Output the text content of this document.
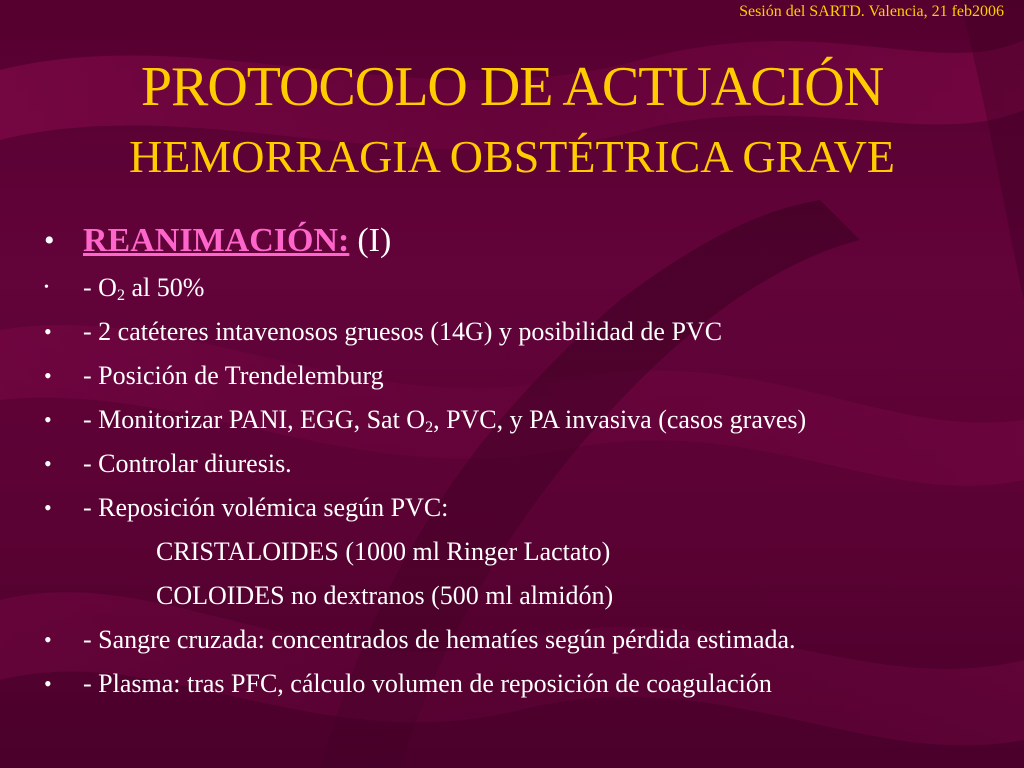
Sesión del SARTD. Valencia, 21 feb2006
PROTOCOLO DE ACTUACIÓN
HEMORRAGIA OBSTÉTRICA GRAVE
• REANIMACIÓN: (I)
• - $O_2$ al 50%
• - 2 catéteres intavenosos gruesos (14G) y posibilidad de PVC
• - Posición de Trendelemburg
• - Monitorizar PANI, EGG, Sat $O_2$, PVC, y PA invasiva (casos graves)
• - Controlar diuresis.
• - Reposición volémica según PVC:
CRISTALOIDES (1000 ml Ringer Lactato)
COLOIDES no dextranos (500 ml almidón)
• - Sangre cruzada: concentrados de hematíes según pérdida estimada.
• - Plasma: tras PFC, cálculo volumen de reposición de coagulación
